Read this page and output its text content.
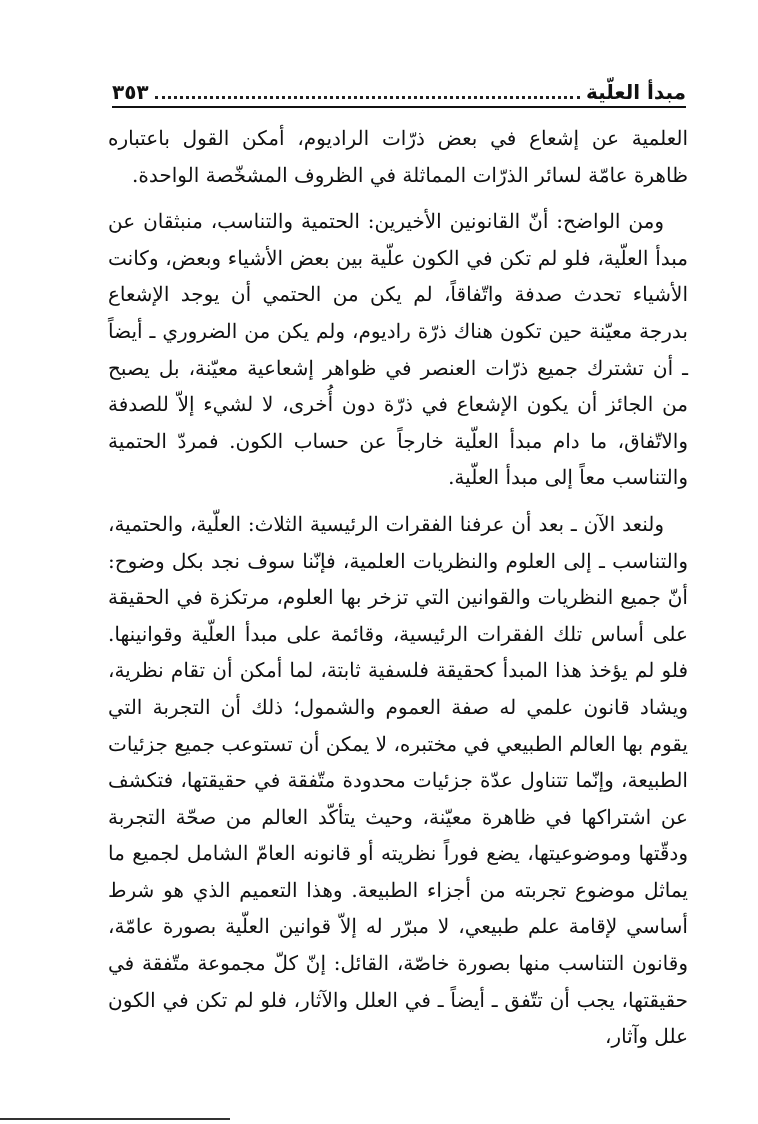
مبدأ العلّية
٣٥٣

العلمية عن إشعاع في بعض ذرّات الراديوم، أمكن القول باعتباره ظاهرة عامّة لسائر الذرّات المماثلة في الظروف المشخّصة الواحدة.

ومن الواضح: أنّ القانونين الأخيرين: الحتمية والتناسب، منبثقان عن مبدأ العلّية، فلو لم تكن في الكون علّية بين بعض الأشياء وبعض، وكانت الأشياء تحدث صدفة واتّفاقاً، لم يكن من الحتمي أن يوجد الإشعاع بدرجة معيّنة حين تكون هناك ذرّة راديوم، ولم يكن من الضروري ـ أيضاً ـ أن تشترك جميع ذرّات العنصر في ظواهر إشعاعية معيّنة، بل يصبح من الجائز أن يكون الإشعاع في ذرّة دون أُخرى، لا لشيء إلاّ للصدفة والاتّفاق، ما دام مبدأ العلّية خارجاً عن حساب الكون. فمردّ الحتمية والتناسب معاً إلى مبدأ العلّية.

ولنعد الآن ـ بعد أن عرفنا الفقرات الرئيسية الثلاث: العلّية، والحتمية، والتناسب ـ إلى العلوم والنظريات العلمية، فإنّنا سوف نجد بكل وضوح: أنّ جميع النظريات والقوانين التي تزخر بها العلوم، مرتكزة في الحقيقة على أساس تلك الفقرات الرئيسية، وقائمة على مبدأ العلّية وقوانينها. فلو لم يؤخذ هذا المبدأ كحقيقة فلسفية ثابتة، لما أمكن أن تقام نظرية، ويشاد قانون علمي له صفة العموم والشمول؛ ذلك أن التجربة التي يقوم بها العالم الطبيعي في مختبره، لا يمكن أن تستوعب جميع جزئيات الطبيعة، وإنّما تتناول عدّة جزئيات محدودة متّفقة في حقيقتها، فتكشف عن اشتراكها في ظاهرة معيّنة، وحيث يتأكّد العالم من صحّة التجربة ودقّتها وموضوعيتها، يضع فوراً نظريته أو قانونه العامّ الشامل لجميع ما يماثل موضوع تجربته من أجزاء الطبيعة. وهذا التعميم الذي هو شرط أساسي لإقامة علم طبيعي، لا مبرّر له إلاّ قوانين العلّية بصورة عامّة، وقانون التناسب منها بصورة خاصّة، القائل: إنّ كلّ مجموعة متّفقة في حقيقتها، يجب أن تتّفق ـ أيضاً ـ في العلل والآثار، فلو لم تكن في الكون علل وآثار،
